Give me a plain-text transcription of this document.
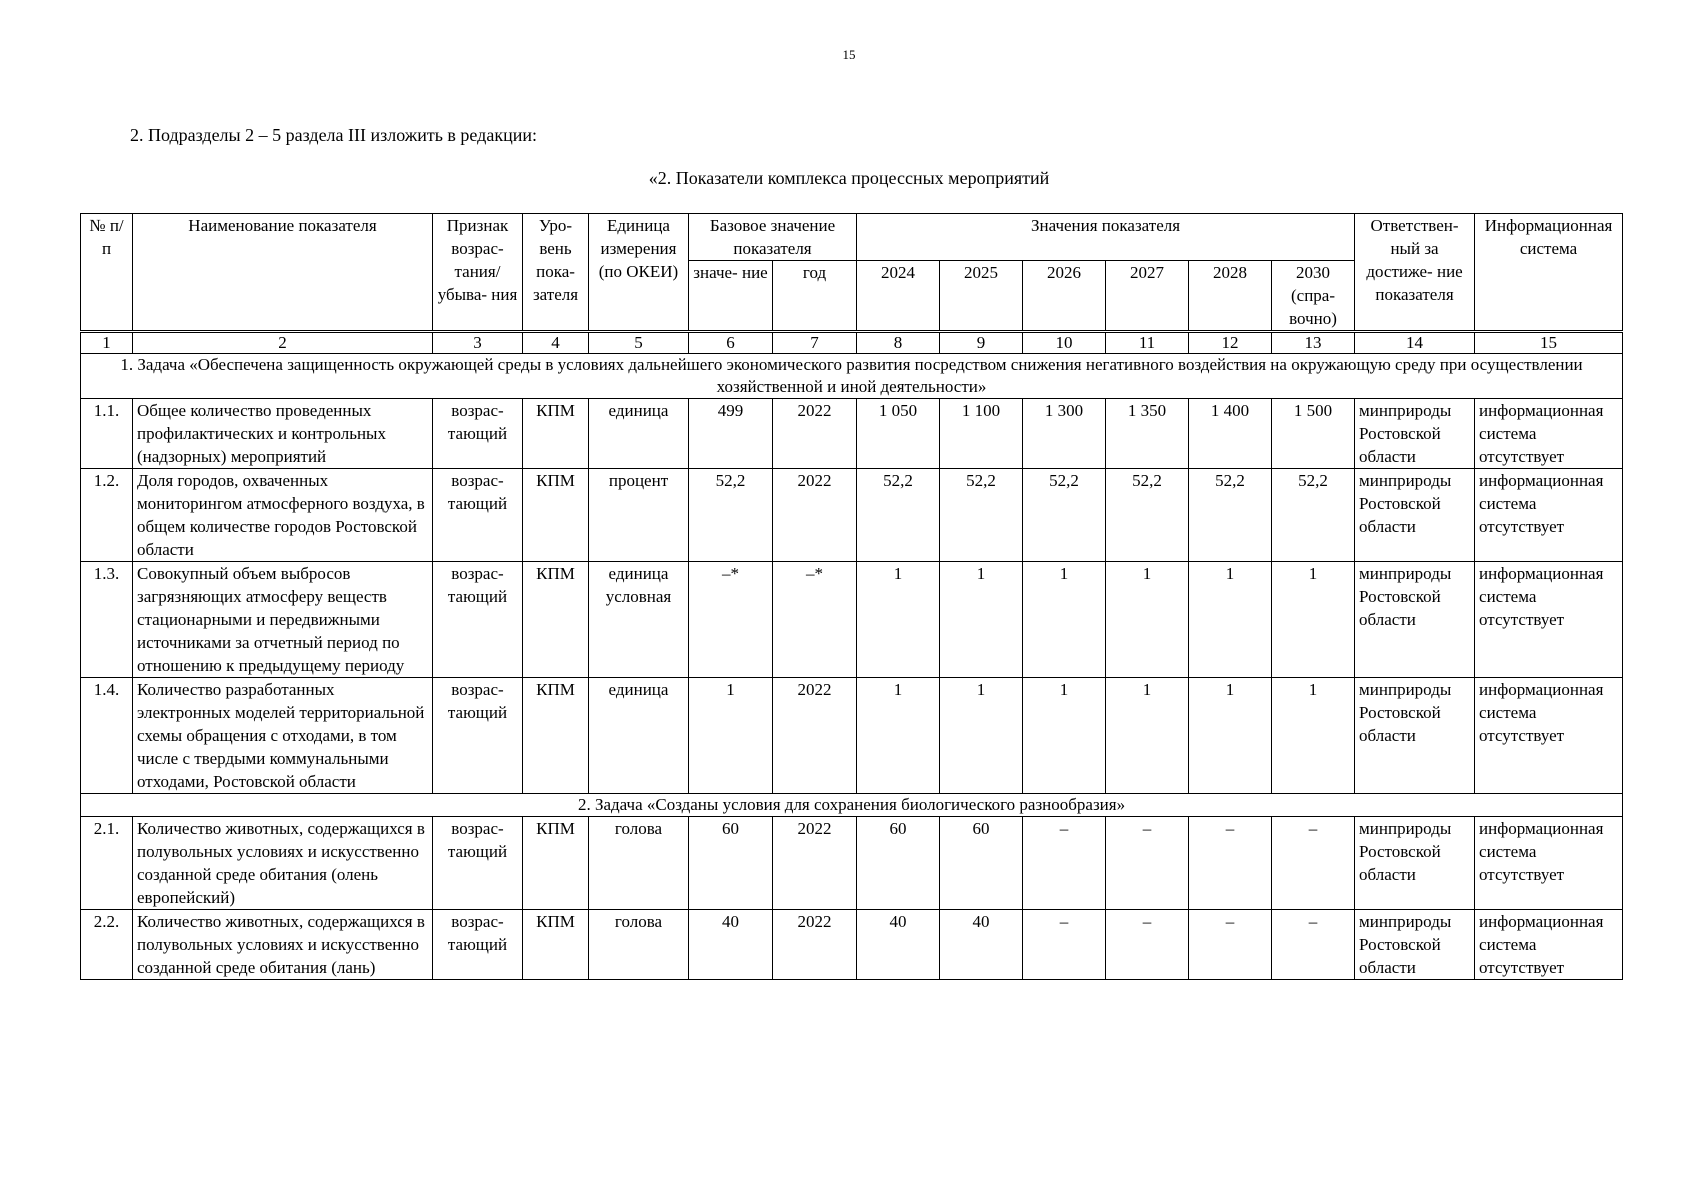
15
2. Подразделы 2 – 5 раздела III изложить в редакции:
«2. Показатели комплекса процессных мероприятий
№ п/п	Наименование показателя	Признак возрас- тания/ убыва- ния	Уро- вень пока- зателя	Единица измерения (по ОКЕИ)	Базовое значение показателя		Значения показателя						Ответствен- ный за достиже- ние показателя	Информационная система
					значе- ние	год	2024	2025	2026	2027	2028	2030 (спра- вочно)		
1	2	3	4	5	6	7	8	9	10	11	12	13	14	15
1. Задача «Обеспечена защищенность окружающей среды в условиях дальнейшего экономического развития посредством снижения негативного воздействия на окружающую среду при осуществлении хозяйственной и иной деятельности»														
1.1.	Общее количество проведенных профилактических и контрольных (надзорных) мероприятий	возрас- тающий	КПМ	единица	499	2022	1 050	1 100	1 300	1 350	1 400	1 500	минприроды Ростовской области	информационная система отсутствует
1.2.	Доля городов, охваченных мониторингом атмосферного воздуха, в общем количестве городов Ростовской области	возрас- тающий	КПМ	процент	52,2	2022	52,2	52,2	52,2	52,2	52,2	52,2	минприроды Ростовской области	информационная система отсутствует
1.3.	Совокупный объем выбросов загрязняющих атмосферу веществ стационарными и передвижными источниками за отчетный период по отношению к предыдущему периоду	возрас- тающий	КПМ	единица условная	–*	–*	1	1	1	1	1	1	минприроды Ростовской области	информационная система отсутствует
1.4.	Количество разработанных электронных моделей территориальной схемы обращения с отходами, в том числе с твердыми коммунальными отходами, Ростовской области	возрас- тающий	КПМ	единица	1	2022	1	1	1	1	1	1	минприроды Ростовской области	информационная система отсутствует
2. Задача «Созданы условия для сохранения биологического разнообразия»														
2.1.	Количество животных, содержащихся в полувольных условиях и искусственно созданной среде обитания (олень европейский)	возрас- тающий	КПМ	голова	60	2022	60	60	–	–	–	–	минприроды Ростовской области	информационная система отсутствует
2.2.	Количество животных, содержащихся в полувольных условиях и искусственно созданной среде обитания (лань)	возрас- тающий	КПМ	голова	40	2022	40	40	–	–	–	–	минприроды Ростовской области	информационная система отсутствует
